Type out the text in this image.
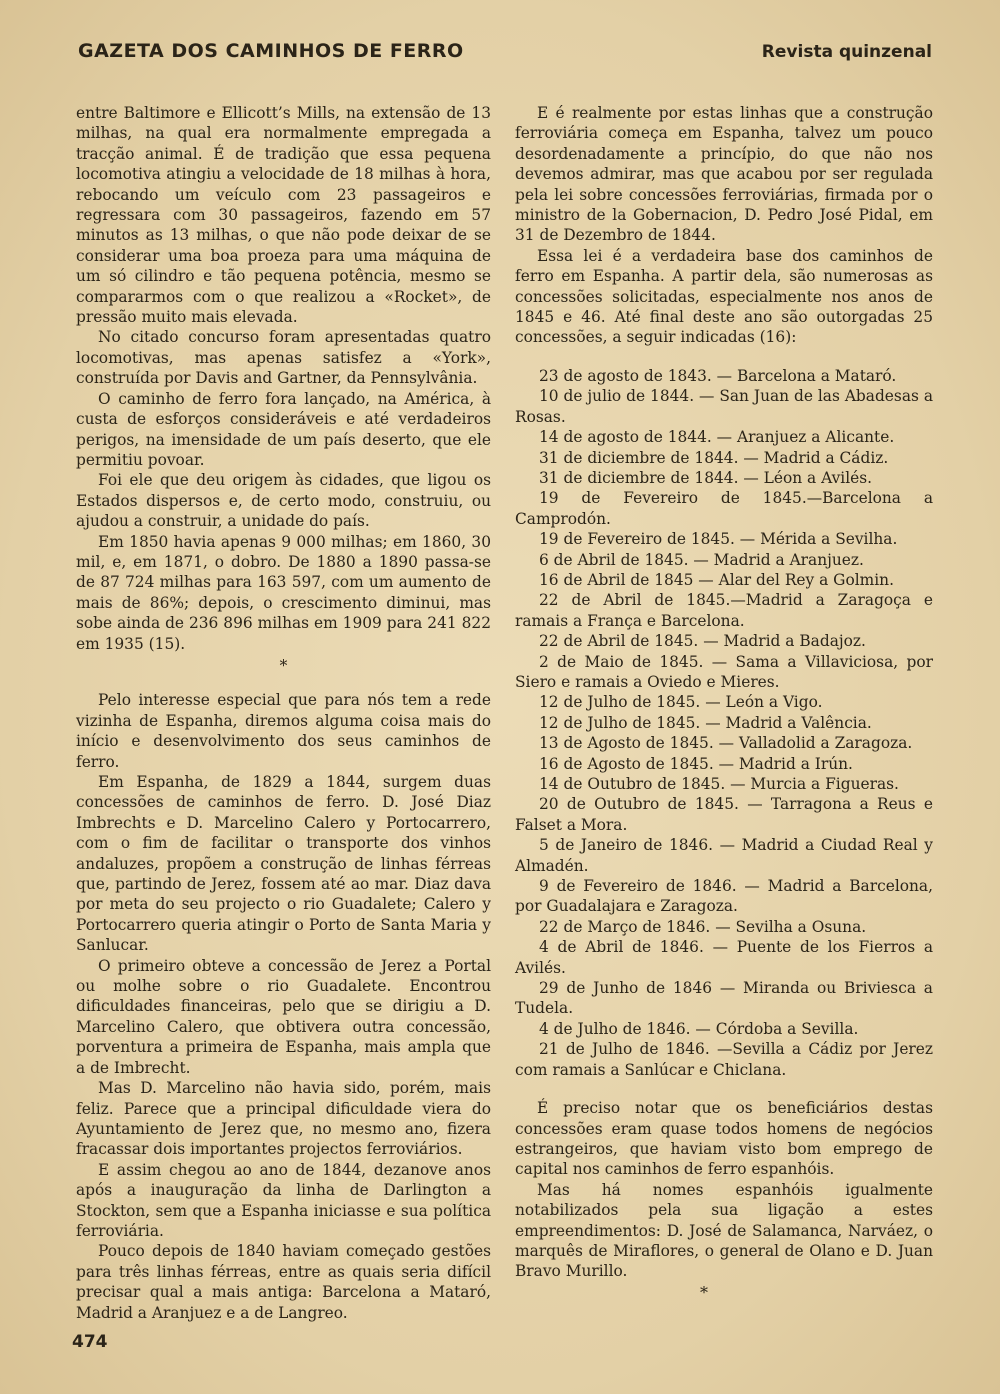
GAZETA DOS CAMINHOS DE FERRO	Revista quinzenal

entre Baltimore e Ellicott’s Mills, na extensão de 13 milhas, na qual era normalmente empregada a tracção animal. É de tradição que essa pequena locomotiva atingiu a velocidade de 18 milhas à hora, rebocando um veículo com 23 passageiros e regressara com 30 passageiros, fazendo em 57 minutos as 13 milhas, o que não pode deixar de se considerar uma boa proeza para uma máquina de um só cilindro e tão pequena potência, mesmo se compararmos com o que realizou a «Rocket», de pressão muito mais elevada.

No citado concurso foram apresentadas quatro locomotivas, mas apenas satisfez a «York», construída por Davis and Gartner, da Pennsylvânia.

O caminho de ferro fora lançado, na América, à custa de esforços consideráveis e até verdadeiros perigos, na imensidade de um país deserto, que ele permitiu povoar.

Foi ele que deu origem às cidades, que ligou os Estados dispersos e, de certo modo, construiu, ou ajudou a construir, a unidade do país.

Em 1850 havia apenas 9 000 milhas; em 1860, 30 mil, e, em 1871, o dobro. De 1880 a 1890 passa-se de 87 724 milhas para 163 597, com um aumento de mais de 86%; depois, o crescimento diminui, mas sobe ainda de 236 896 milhas em 1909 para 241 822 em 1935 (15).

*

Pelo interesse especial que para nós tem a rede vizinha de Espanha, diremos alguma coisa mais do início e desenvolvimento dos seus caminhos de ferro.

Em Espanha, de 1829 a 1844, surgem duas concessões de caminhos de ferro. D. José Diaz Imbrechts e D. Marcelino Calero y Portocarrero, com o fim de facilitar o transporte dos vinhos andaluzes, propõem a construção de linhas férreas que, partindo de Jerez, fossem até ao mar. Diaz dava por meta do seu projecto o rio Guadalete; Calero y Portocarrero queria atingir o Porto de Santa Maria y Sanlucar.

O primeiro obteve a concessão de Jerez a Portal ou molhe sobre o rio Guadalete. Encontrou dificuldades financeiras, pelo que se dirigiu a D. Marcelino Calero, que obtivera outra concessão, porventura a primeira de Espanha, mais ampla que a de Imbrecht.

Mas D. Marcelino não havia sido, porém, mais feliz. Parece que a principal dificuldade viera do Ayuntamiento de Jerez que, no mesmo ano, fizera fracassar dois importantes projectos ferroviários.

E assim chegou ao ano de 1844, dezanove anos após a inauguração da linha de Darlington a Stockton, sem que a Espanha iniciasse e sua política ferroviária.

Pouco depois de 1840 haviam começado gestões para três linhas férreas, entre as quais seria difícil precisar qual a mais antiga: Barcelona a Mataró, Madrid a Aranjuez e a de Langreo.

E é realmente por estas linhas que a construção ferroviária começa em Espanha, talvez um pouco desordenadamente a princípio, do que não nos devemos admirar, mas que acabou por ser regulada pela lei sobre concessões ferroviárias, firmada por o ministro de la Gobernacion, D. Pedro José Pidal, em 31 de Dezembro de 1844.

Essa lei é a verdadeira base dos caminhos de ferro em Espanha. A partir dela, são numerosas as concessões solicitadas, especialmente nos anos de 1845 e 46. Até final deste ano são outorgadas 25 concessões, a seguir indicadas (16):

23 de agosto de 1843. — Barcelona a Mataró.

10 de julio de 1844. — San Juan de las Abadesas a Rosas.

14 de agosto de 1844. — Aranjuez a Alicante.

31 de diciembre de 1844. — Madrid a Cádiz.

31 de diciembre de 1844. — Léon a Avilés.

19 de Fevereiro de 1845.—Barcelona a Camprodón.

19 de Fevereiro de 1845. — Mérida a Sevilha.

6 de Abril de 1845. — Madrid a Aranjuez.

16 de Abril de 1845 — Alar del Rey a Golmin.

22 de Abril de 1845.—Madrid a Zaragoça e ramais a França e Barcelona.

22 de Abril de 1845. — Madrid a Badajoz.

2 de Maio de 1845. — Sama a Villaviciosa, por Siero e ramais a Oviedo e Mieres.

12 de Julho de 1845. — León a Vigo.

12 de Julho de 1845. — Madrid a Valência.

13 de Agosto de 1845. — Valladolid a Zaragoza.

16 de Agosto de 1845. — Madrid a Irún.

14 de Outubro de 1845. — Murcia a Figueras.

20 de Outubro de 1845. — Tarragona a Reus e Falset a Mora.

5 de Janeiro de 1846. — Madrid a Ciudad Real y Almadén.

9 de Fevereiro de 1846. — Madrid a Barcelona, por Guadalajara e Zaragoza.

22 de Março de 1846. — Sevilha a Osuna.

4 de Abril de 1846. — Puente de los Fierros a Avilés.

29 de Junho de 1846 — Miranda ou Briviesca a Tudela.

4 de Julho de 1846. — Córdoba a Sevilla.

21 de Julho de 1846. —Sevilla a Cádiz por Jerez com ramais a Sanlúcar e Chiclana.

É preciso notar que os beneficiários destas concessões eram quase todos homens de negócios estrangeiros, que haviam visto bom emprego de capital nos caminhos de ferro espanhóis.

Mas há nomes espanhóis igualmente notabilizados pela sua ligação a estes empreendimentos: D. José de Salamanca, Narváez, o marquês de Miraflores, o general de Olano e D. Juan Bravo Murillo.

*
474
